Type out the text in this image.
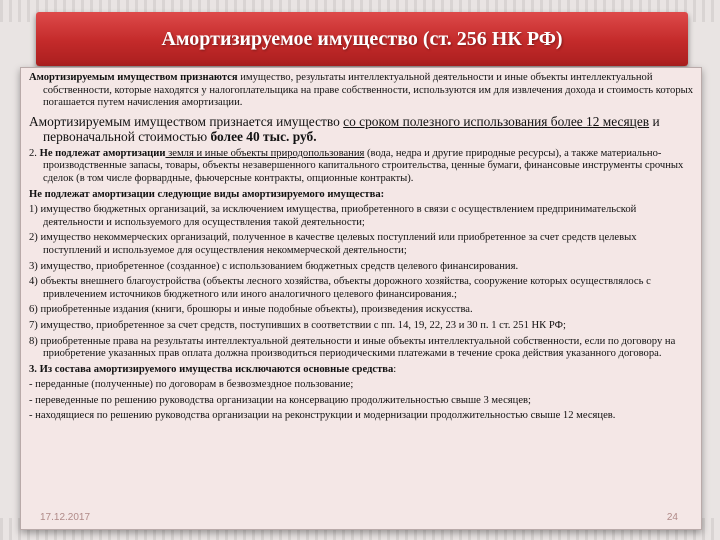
Амортизируемое имущество (ст. 256 НК РФ)
Амортизируемым имуществом признаются имущество, результаты интеллектуальной деятельности и иные объекты интеллектуальной собственности, которые находятся у налогоплательщика на праве собственности, используются им для извлечения дохода и стоимость которых погашается путем начисления амортизации.
Амортизируемым имуществом признается имущество со сроком полезного использования более 12 месяцев и первоначальной стоимостью более 40 тыс. руб.
2. Не подлежат амортизации земля и иные объекты природопользования (вода, недра и другие природные ресурсы), а также материально-производственные запасы, товары, объекты незавершенного капитального строительства, ценные бумаги, финансовые инструменты срочных сделок (в том числе форвардные, фьючерсные контракты, опционные контракты).
Не подлежат амортизации следующие виды амортизируемого имущества:
1) имущество бюджетных организаций, за исключением имущества, приобретенного в связи с осуществлением предпринимательской деятельности и используемого для осуществления такой деятельности;
2) имущество некоммерческих организаций, полученное в качестве целевых поступлений или приобретенное за счет средств целевых поступлений и используемое для осуществления некоммерческой деятельности;
3) имущество, приобретенное (созданное) с использованием бюджетных средств целевого финансирования.
4) объекты внешнего благоустройства (объекты лесного хозяйства, объекты дорожного хозяйства, сооружение которых осуществлялось с привлечением источников бюджетного или иного аналогичного целевого финансирования.;
6) приобретенные издания (книги, брошюры и иные подобные объекты), произведения искусства.
7) имущество, приобретенное за счет средств, поступивших в соответствии с пп. 14, 19, 22, 23 и 30 п. 1 ст. 251 НК РФ;
8) приобретенные права на результаты интеллектуальной деятельности и иные объекты интеллектуальной собственности, если по договору на приобретение указанных прав оплата должна производиться периодическими платежами в течение срока действия указанного договора.
3. Из состава амортизируемого имущества исключаются основные средства:
- переданные (полученные) по договорам в безвозмездное пользование;
- переведенные по решению руководства организации на консервацию продолжительностью свыше 3 месяцев;
- находящиеся по решению руководства организации на реконструкции и модернизации продолжительностью свыше 12 месяцев.
17.12.2017	24
